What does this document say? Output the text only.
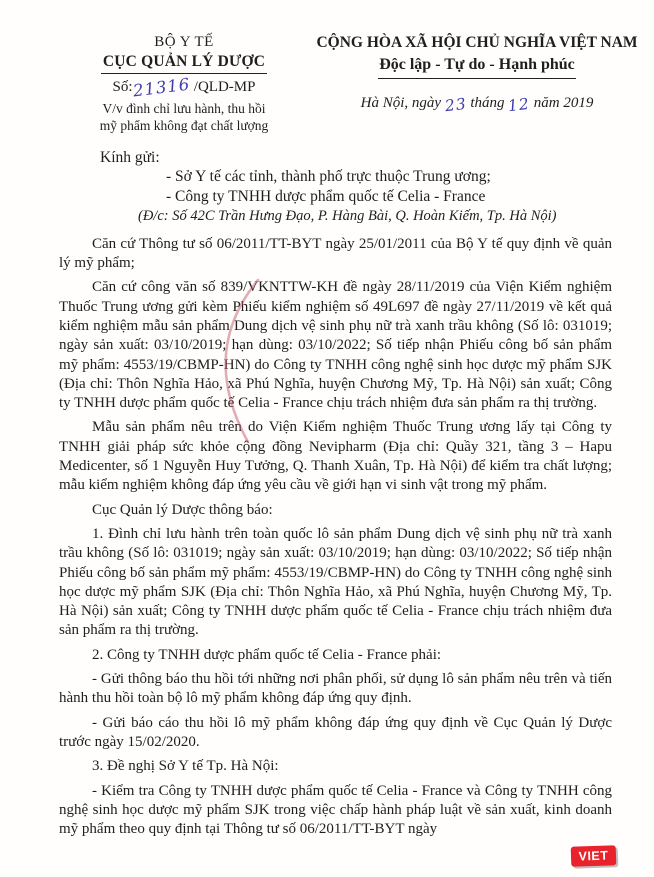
BỘ Y TẾ
CỤC QUẢN LÝ DƯỢC
Số:21316 /QLD-MP
V/v đình chỉ lưu hành, thu hồi
mỹ phẩm không đạt chất lượng
CỘNG HÒA XÃ HỘI CHỦ NGHĨA VIỆT NAM
Độc lập - Tự do - Hạnh phúc
Hà Nội, ngày 23 tháng 12 năm 2019
Kính gửi:
- Sở Y tế các tỉnh, thành phố trực thuộc Trung ương;
- Công ty TNHH dược phẩm quốc tế Celia - France
(Đ/c: Số 42C Trần Hưng Đạo, P. Hàng Bài, Q. Hoàn Kiếm, Tp. Hà Nội)

Căn cứ Thông tư số 06/2011/TT-BYT ngày 25/01/2011 của Bộ Y tế quy định về quản lý mỹ phẩm;

Căn cứ công văn số 839/VKNTTW-KH đề ngày 28/11/2019 của Viện Kiểm nghiệm Thuốc Trung ương gửi kèm Phiếu kiểm nghiệm số 49L697 đề ngày 27/11/2019 về kết quả kiểm nghiệm mẫu sản phẩm Dung dịch vệ sinh phụ nữ trà xanh trầu không (Số lô: 031019; ngày sản xuất: 03/10/2019; hạn dùng: 03/10/2022; Số tiếp nhận Phiếu công bố sản phẩm mỹ phẩm: 4553/19/CBMP-HN) do Công ty TNHH công nghệ sinh học dược mỹ phẩm SJK (Địa chỉ: Thôn Nghĩa Hảo, xã Phú Nghĩa, huyện Chương Mỹ, Tp. Hà Nội) sản xuất; Công ty TNHH dược phẩm quốc tế Celia - France chịu trách nhiệm đưa sản phẩm ra thị trường.

Mẫu sản phẩm nêu trên do Viện Kiểm nghiệm Thuốc Trung ương lấy tại Công ty TNHH giải pháp sức khỏe cộng đồng Nevipharm (Địa chỉ: Quầy 321, tầng 3 – Hapu Medicenter, số 1 Nguyễn Huy Tưởng, Q. Thanh Xuân, Tp. Hà Nội) để kiểm tra chất lượng; mẫu kiểm nghiệm không đáp ứng yêu cầu về giới hạn vi sinh vật trong mỹ phẩm.

Cục Quản lý Dược thông báo:

1. Đình chỉ lưu hành trên toàn quốc lô sản phẩm Dung dịch vệ sinh phụ nữ trà xanh trầu không (Số lô: 031019; ngày sản xuất: 03/10/2019; hạn dùng: 03/10/2022; Số tiếp nhận Phiếu công bố sản phẩm mỹ phẩm: 4553/19/CBMP-HN) do Công ty TNHH công nghệ sinh học dược mỹ phẩm SJK (Địa chỉ: Thôn Nghĩa Hảo, xã Phú Nghĩa, huyện Chương Mỹ, Tp. Hà Nội) sản xuất; Công ty TNHH dược phẩm quốc tế Celia - France chịu trách nhiệm đưa sản phẩm ra thị trường.

2. Công ty TNHH dược phẩm quốc tế Celia - France phải:

- Gửi thông báo thu hồi tới những nơi phân phối, sử dụng lô sản phẩm nêu trên và tiến hành thu hồi toàn bộ lô mỹ phẩm không đáp ứng quy định.

- Gửi báo cáo thu hồi lô mỹ phẩm không đáp ứng quy định về Cục Quản lý Dược trước ngày 15/02/2020.

3. Đề nghị Sở Y tế Tp. Hà Nội:

- Kiểm tra Công ty TNHH dược phẩm quốc tế Celia - France và Công ty TNHH công nghệ sinh học dược mỹ phẩm SJK trong việc chấp hành pháp luật về sản xuất, kinh doanh mỹ phẩm theo quy định tại Thông tư số 06/2011/TT-BYT ngày

VIET
